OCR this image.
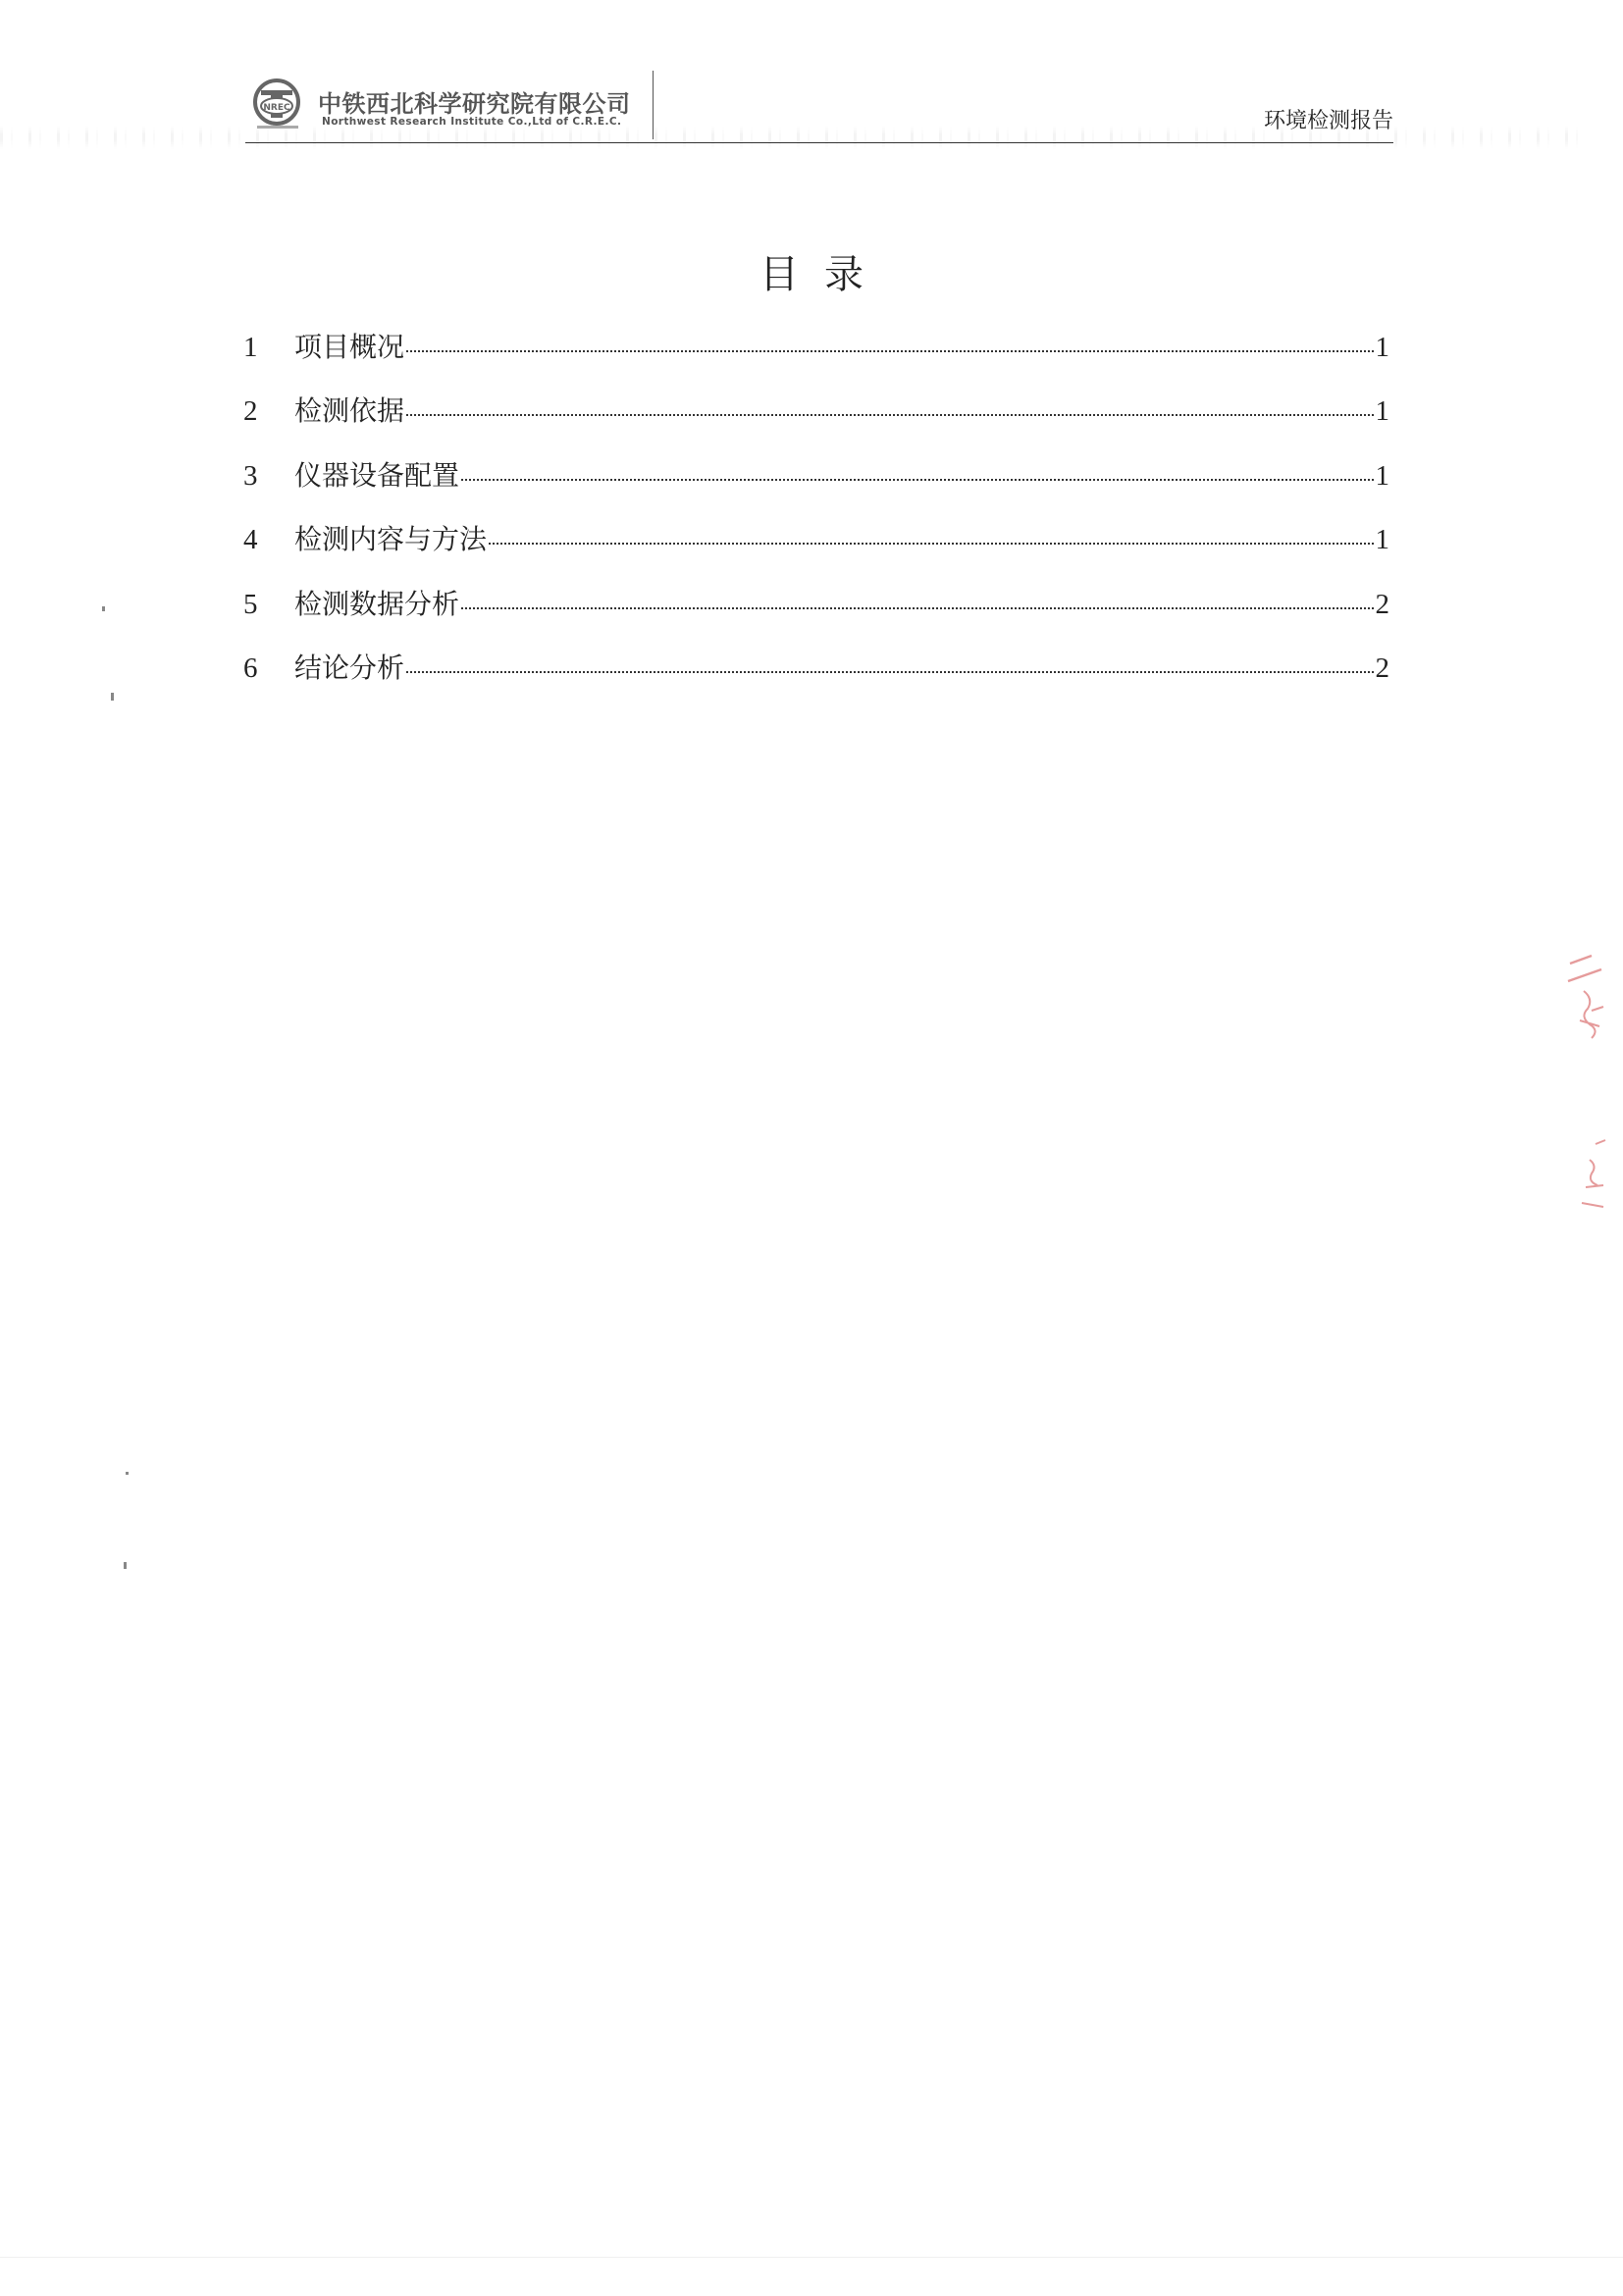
NREC 中铁西北科学研究院有限公司
Northwest Research Institute Co.,Ltd of C.R.E.C.	环境检测报告
目录
1	项目概况	1
2	检测依据	1
3	仪器设备配置	1
4	检测内容与方法	1
5	检测数据分析	2
6	结论分析	2
